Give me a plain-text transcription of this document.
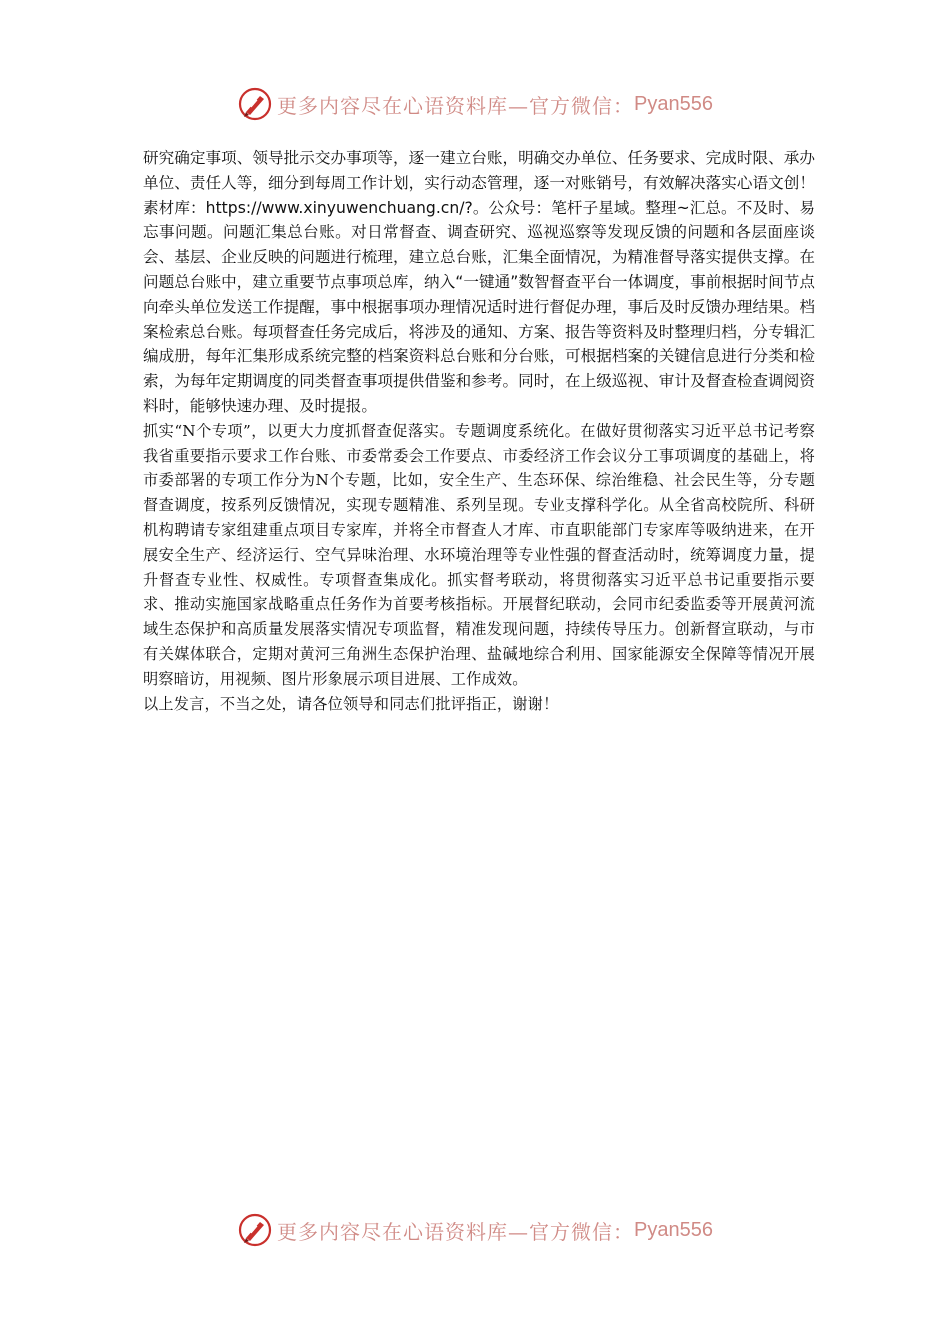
更多内容尽在心语资料库—官方微信： Pyan556

研究确定事项、领导批示交办事项等，逐一建立台账，明确交办单位、任务要求、完成时限、承办单位、责任人等，细分到每周工作计划，实行动态管理，逐一对账销号，有效解决落实心语文创！素材库：https://www.xinyuwenchuang.cn/?。公众号：笔杆子星域。整理~汇总。不及时、易忘事问题。问题汇集总台账。对日常督查、调查研究、巡视巡察等发现反馈的问题和各层面座谈会、基层、企业反映的问题进行梳理，建立总台账，汇集全面情况，为精准督导落实提供支撑。在问题总台账中，建立重要节点事项总库，纳入“一键通”数智督查平台一体调度，事前根据时间节点向牵头单位发送工作提醒，事中根据事项办理情况适时进行督促办理，事后及时反馈办理结果。档案检索总台账。每项督查任务完成后，将涉及的通知、方案、报告等资料及时整理归档，分专辑汇编成册，每年汇集形成系统完整的档案资料总台账和分台账，可根据档案的关键信息进行分类和检索，为每年定期调度的同类督查事项提供借鉴和参考。同时，在上级巡视、审计及督查检查调阅资料时，能够快速办理、及时提报。

抓实“N个专项”，以更大力度抓督查促落实。专题调度系统化。在做好贯彻落实习近平总书记考察我省重要指示要求工作台账、市委常委会工作要点、市委经济工作会议分工事项调度的基础上，将市委部署的专项工作分为N个专题，比如，安全生产、生态环保、综治维稳、社会民生等，分专题督查调度，按系列反馈情况，实现专题精准、系列呈现。专业支撑科学化。从全省高校院所、科研机构聘请专家组建重点项目专家库，并将全市督查人才库、市直职能部门专家库等吸纳进来，在开展安全生产、经济运行、空气异味治理、水环境治理等专业性强的督查活动时，统筹调度力量，提升督查专业性、权威性。专项督查集成化。抓实督考联动，将贯彻落实习近平总书记重要指示要求、推动实施国家战略重点任务作为首要考核指标。开展督纪联动，会同市纪委监委等开展黄河流域生态保护和高质量发展落实情况专项监督，精准发现问题，持续传导压力。创新督宣联动，与市有关媒体联合，定期对黄河三角洲生态保护治理、盐碱地综合利用、国家能源安全保障等情况开展明察暗访，用视频、图片形象展示项目进展、工作成效。

以上发言，不当之处，请各位领导和同志们批评指正，谢谢！

更多内容尽在心语资料库—官方微信： Pyan556
